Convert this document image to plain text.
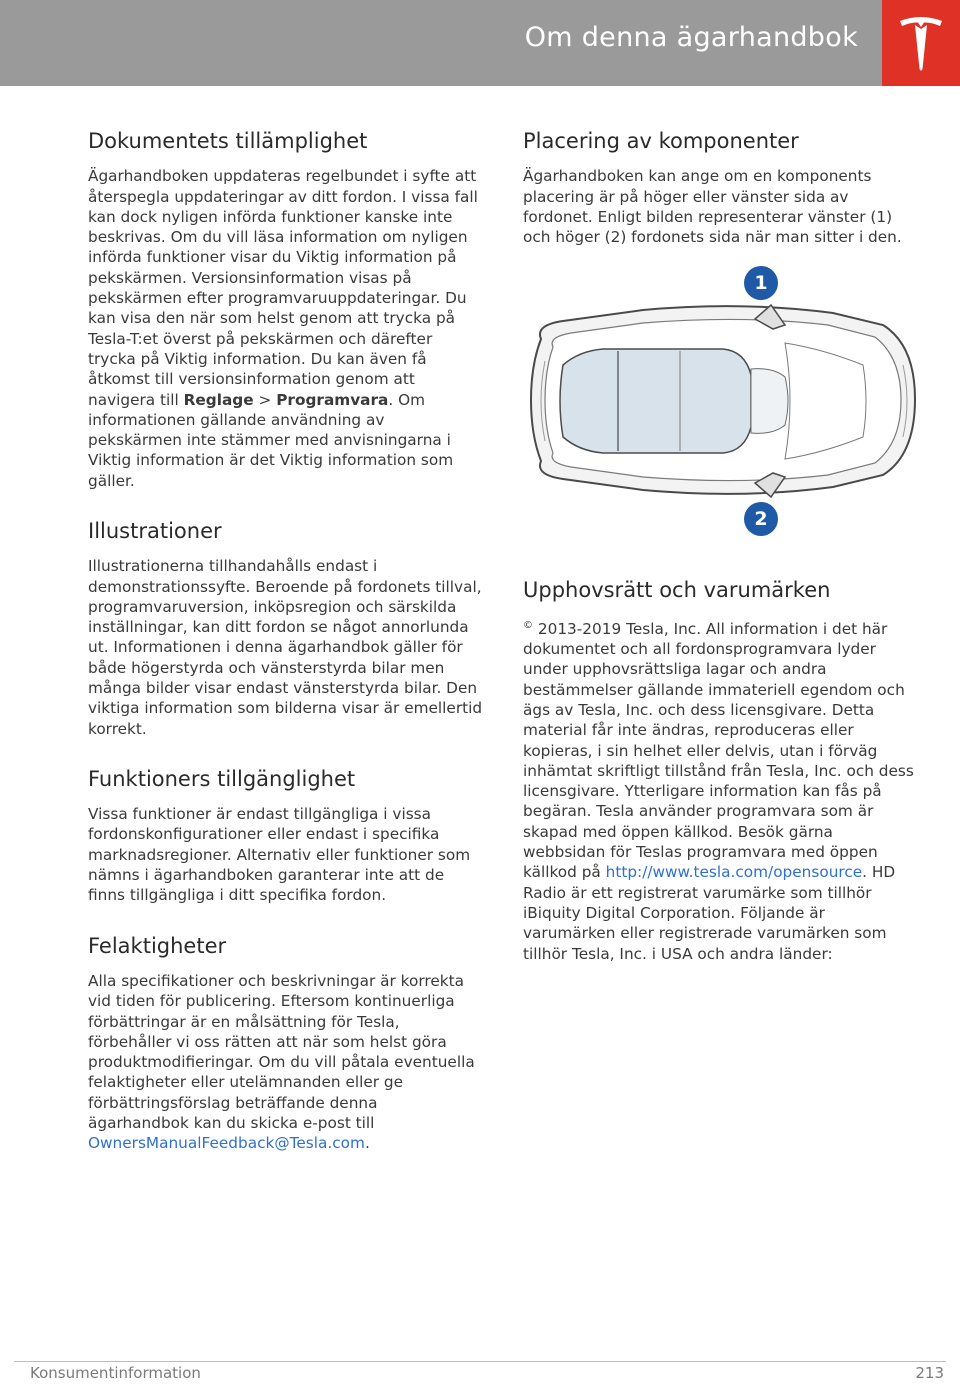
Om denna ägarhandbok
Dokumentets tillämplighet

Ägarhandboken uppdateras regelbundet i syfte att återspegla uppdateringar av ditt fordon. I vissa fall kan dock nyligen införda funktioner kanske inte beskrivas. Om du vill läsa information om nyligen införda funktioner visar du Viktig information på pekskärmen. Versionsinformation visas på pekskärmen efter programvaruuppdateringar. Du kan visa den när som helst genom att trycka på Tesla-T:et överst på pekskärmen och därefter trycka på Viktig information. Du kan även få åtkomst till versionsinformation genom att navigera till Reglage > Programvara. Om informationen gällande användning av pekskärmen inte stämmer med anvisningarna i Viktig information är det Viktig information som gäller.

Illustrationer

Illustrationerna tillhandahålls endast i demonstrationssyfte. Beroende på fordonets tillval, programvaruversion, inköpsregion och särskilda inställningar, kan ditt fordon se något annorlunda ut. Informationen i denna ägarhandbok gäller för både högerstyrda och vänsterstyrda bilar men många bilder visar endast vänsterstyrda bilar. Den viktiga information som bilderna visar är emellertid korrekt.

Funktioners tillgänglighet

Vissa funktioner är endast tillgängliga i vissa fordonskonfigurationer eller endast i specifika marknadsregioner. Alternativ eller funktioner som nämns i ägarhandboken garanterar inte att de finns tillgängliga i ditt specifika fordon.

Felaktigheter

Alla specifikationer och beskrivningar är korrekta vid tiden för publicering. Eftersom kontinuerliga förbättringar är en målsättning för Tesla, förbehåller vi oss rätten att när som helst göra produktmodifieringar. Om du vill påtala eventuella felaktigheter eller utelämnanden eller ge förbättringsförslag beträffande denna ägarhandbok kan du skicka e-post till OwnersManualFeedback@Tesla.com.

Placering av komponenter

Ägarhandboken kan ange om en komponents placering är på höger eller vänster sida av fordonet. Enligt bilden representerar vänster (1) och höger (2) fordonets sida när man sitter i den.

1
2
Upphovsrätt och varumärken

© 2013-2019 Tesla, Inc. All information i det här dokumentet och all fordonsprogramvara lyder under upphovsrättsliga lagar och andra bestämmelser gällande immateriell egendom och ägs av Tesla, Inc. och dess licensgivare. Detta material får inte ändras, reproduceras eller kopieras, i sin helhet eller delvis, utan i förväg inhämtat skriftligt tillstånd från Tesla, Inc. och dess licensgivare. Ytterligare information kan fås på begäran. Tesla använder programvara som är skapad med öppen källkod. Besök gärna webbsidan för Teslas programvara med öppen källkod på http://www.tesla.com/opensource. HD Radio är ett registrerat varumärke som tillhör iBiquity Digital Corporation. Följande är varumärken eller registrerade varumärken som tillhör Tesla, Inc. i USA och andra länder:

Konsumentinformation	213
